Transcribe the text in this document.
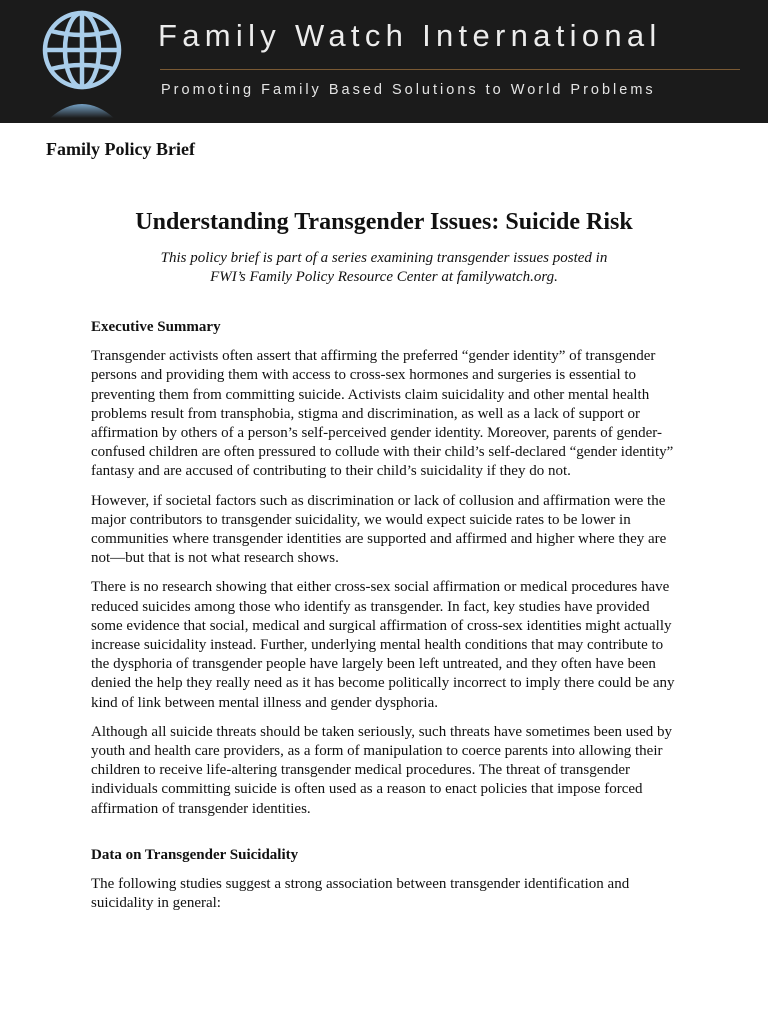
Family Watch International
Promoting Family Based Solutions to World Problems
Family Policy Brief
Understanding Transgender Issues: Suicide Risk
This policy brief is part of a series examining transgender issues posted in
FWI’s Family Policy Resource Center at familywatch.org.
Executive Summary

Transgender activists often assert that affirming the preferred “gender identity” of transgender persons and providing them with access to cross-sex hormones and surgeries is essential to preventing them from committing suicide. Activists claim suicidality and other mental health problems result from transphobia, stigma and discrimination, as well as a lack of support or affirmation by others of a person’s self-perceived gender identity. Moreover, parents of gender-confused children are often pressured to collude with their child’s self-declared “gender identity” fantasy and are accused of contributing to their child’s suicidality if they do not.

However, if societal factors such as discrimination or lack of collusion and affirmation were the major contributors to transgender suicidality, we would expect suicide rates to be lower in communities where transgender identities are supported and affirmed and higher where they are not—but that is not what research shows.

There is no research showing that either cross-sex social affirmation or medical procedures have reduced suicides among those who identify as transgender. In fact, key studies have provided some evidence that social, medical and surgical affirmation of cross-sex identities might actually increase suicidality instead. Further, underlying mental health conditions that may contribute to the dysphoria of transgender people have largely been left untreated, and they often have been denied the help they really need as it has become politically incorrect to imply there could be any kind of link between mental illness and gender dysphoria.

Although all suicide threats should be taken seriously, such threats have sometimes been used by youth and health care providers, as a form of manipulation to coerce parents into allowing their children to receive life-altering transgender medical procedures. The threat of transgender individuals committing suicide is often used as a reason to enact policies that impose forced affirmation of transgender identities.

Data on Transgender Suicidality

The following studies suggest a strong association between transgender identification and suicidality in general:
